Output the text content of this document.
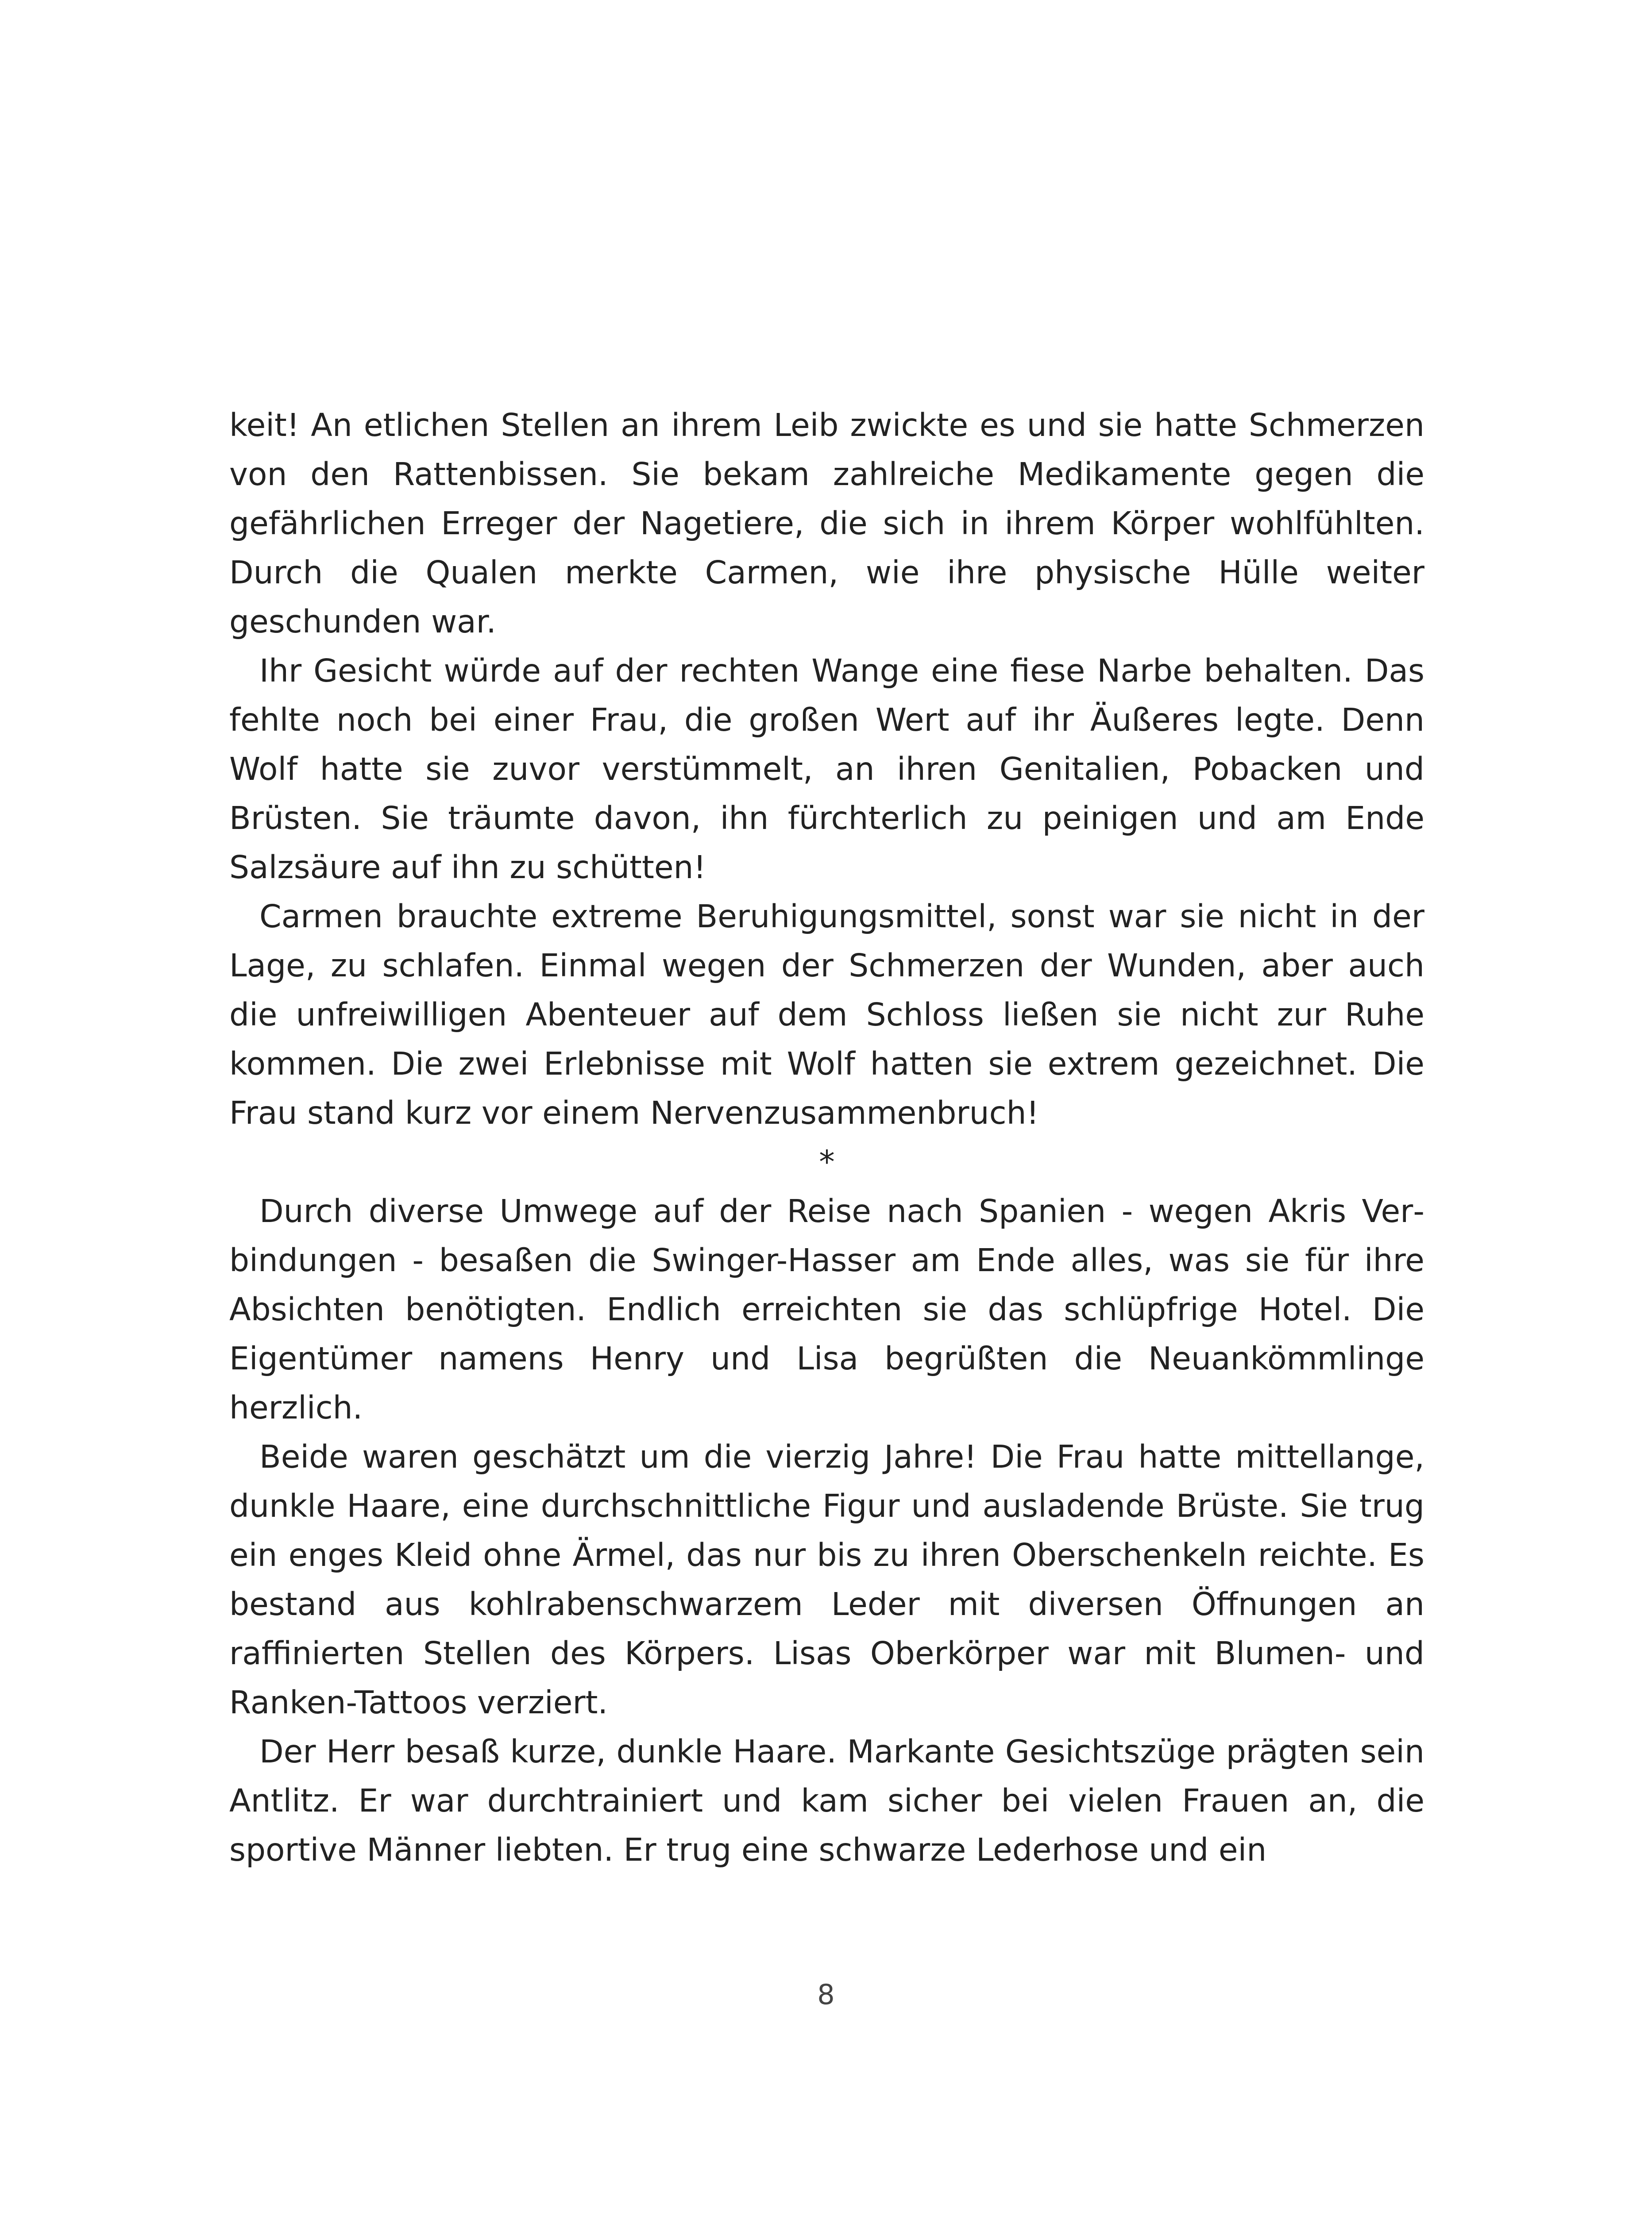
keit! An etlichen Stellen an ihrem Leib zwickte es und sie hatte Schmerzen von den Rattenbissen. Sie bekam zahlreiche Medikamente gegen die gefährlichen Erreger der Nagetiere, die sich in ihrem Körper wohlfühlten. Durch die Qualen merkte Carmen, wie ihre physische Hülle weiter geschunden war.

Ihr Gesicht würde auf der rechten Wange eine fiese Narbe behalten. Das fehlte noch bei einer Frau, die großen Wert auf ihr Äußeres legte. Denn Wolf hatte sie zuvor verstümmelt, an ihren Genitalien, Pobacken und Brüsten. Sie träumte davon, ihn fürchterlich zu peinigen und am Ende Salzsäure auf ihn zu schütten!

Carmen brauchte extreme Beruhigungsmittel, sonst war sie nicht in der Lage, zu schlafen. Einmal wegen der Schmerzen der Wunden, aber auch die unfreiwilligen Abenteuer auf dem Schloss ließen sie nicht zur Ruhe kommen. Die zwei Erlebnisse mit Wolf hatten sie extrem gezeichnet. Die Frau stand kurz vor einem Nervenzusammenbruch!

*

Durch diverse Umwege auf der Reise nach Spanien - wegen Akris Verbindungen - besaßen die Swinger-Hasser am Ende alles, was sie für ihre Absichten benötigten. Endlich erreichten sie das schlüpfrige Hotel. Die Eigentümer namens Henry und Lisa begrüßten die Neuankömmlinge herzlich.

Beide waren geschätzt um die vierzig Jahre! Die Frau hatte mittellange, dunkle Haare, eine durchschnittliche Figur und ausladende Brüste. Sie trug ein enges Kleid ohne Ärmel, das nur bis zu ihren Oberschenkeln reichte. Es bestand aus kohlrabenschwarzem Leder mit diversen Öffnungen an raffinierten Stellen des Körpers. Lisas Oberkörper war mit Blumen- und Ranken-Tattoos verziert.

Der Herr besaß kurze, dunkle Haare. Markante Gesichtszüge prägten sein Antlitz. Er war durchtrainiert und kam sicher bei vielen Frauen an, die sportive Männer liebten. Er trug eine schwarze Lederhose und ein

8
